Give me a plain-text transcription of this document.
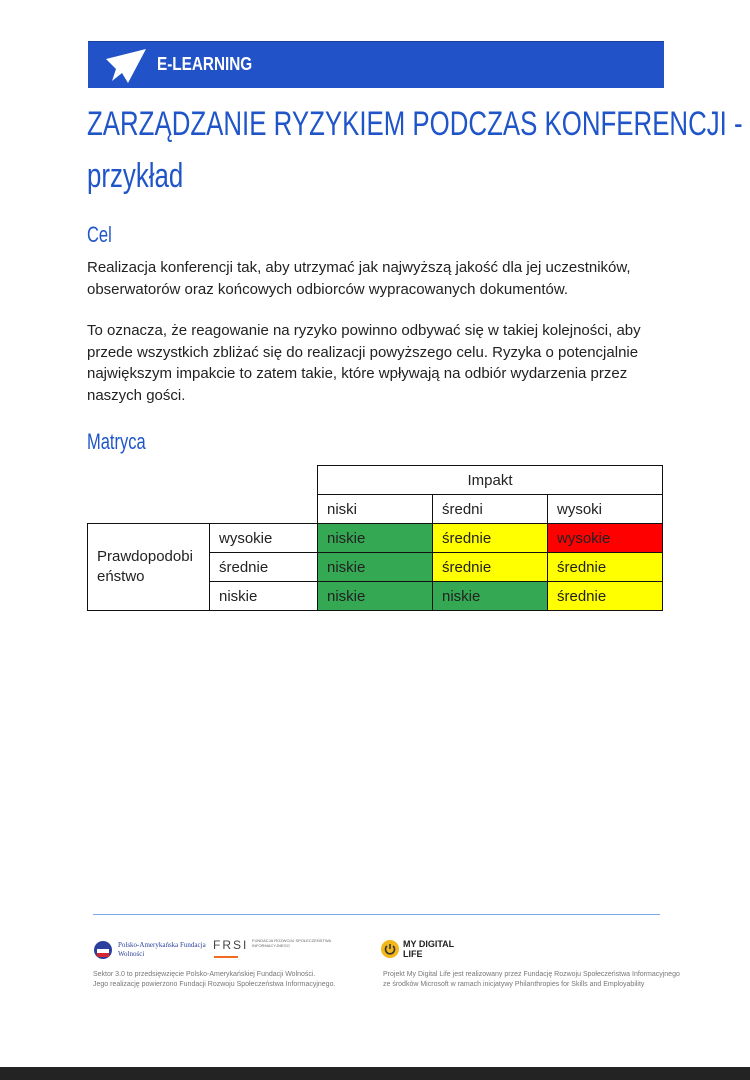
E-LEARNING
ZARZĄDZANIE RYZYKIEM PODCZAS KONFERENCJI -
przykład
Cel
Realizacja konferencji tak, aby utrzymać jak najwyższą jakość dla jej uczestników, obserwatorów oraz końcowych odbiorców wypracowanych dokumentów.
To oznacza, że reagowanie na ryzyko powinno odbywać się w takiej kolejności, aby przede wszystkich zbliżać się do realizacji powyższego celu. Ryzyka o potencjalnie największym impakcie to zatem takie, które wpływają na odbiór wydarzenia przez naszych gości.
Matryca
		Impakt		
		niski	średni	wysoki
Prawdopodobieństwo	wysokie	niskie	średnie	wysokie
	średnie	niskie	średnie	średnie
	niskie	niskie	niskie	średnie
Polsko-Amerykańska Fundacja Wolności
FRSI FUNDACJA ROZWOJU SPOŁECZEŃSTWA INFORMACYJNEGO
Sektor 3.0 to przedsięwzięcie Polsko-Amerykańskiej Fundacji Wolności.
Jego realizację powierzono Fundacji Rozwoju Społeczeństwa Informacyjnego.
MY DIGITAL
LIFE
Projekt My Digital Life jest realizowany przez Fundację Rozwoju Społeczeństwa Informacyjnego
ze środków Microsoft w ramach inicjatywy Philanthropies for Skills and Employability
